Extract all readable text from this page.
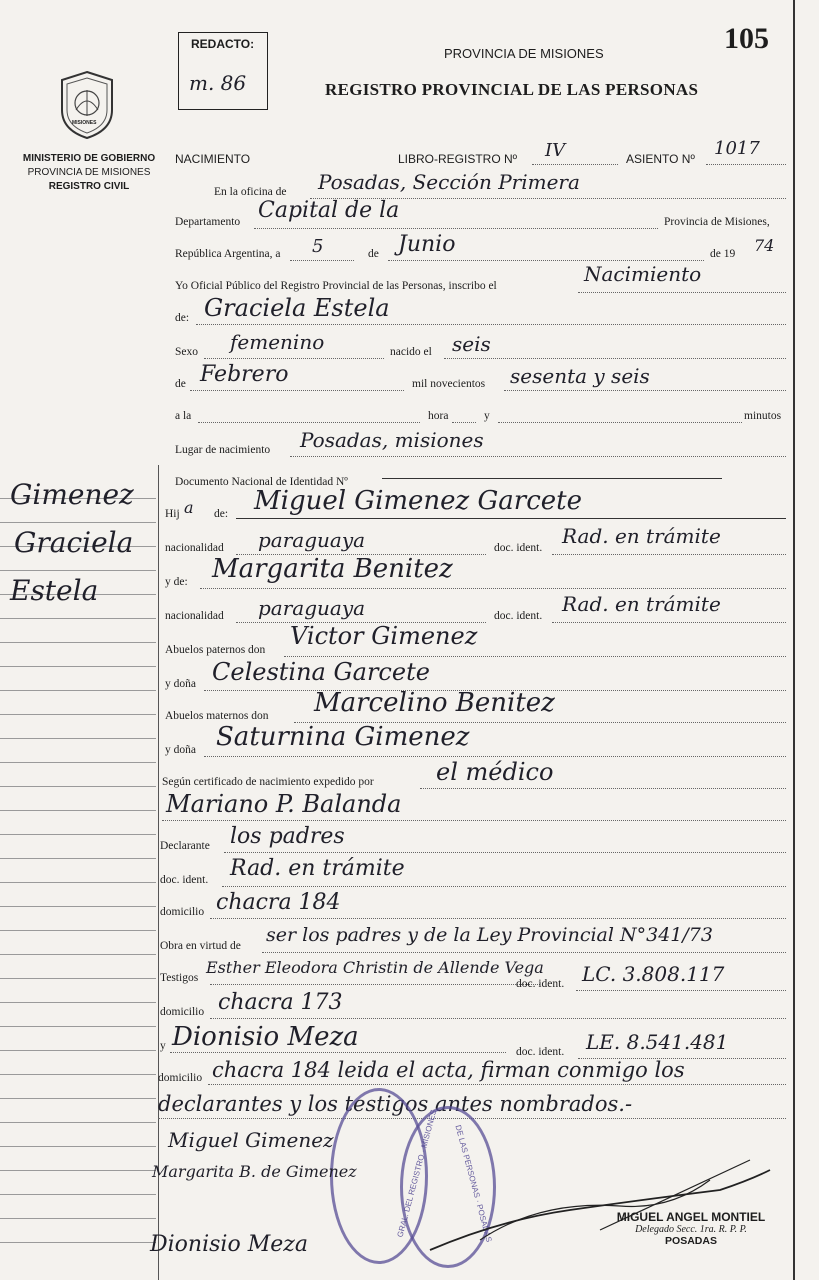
MISIONES
MINISTERIO DE GOBIERNO
PROVINCIA DE MISIONES
REGISTRO CIVIL
REDACTO:
m. 86
105
PROVINCIA DE MISIONES
REGISTRO PROVINCIAL DE LAS PERSONAS
NACIMIENTO	LIBRO-REGISTRO Nº IV	ASIENTO Nº 1017
En la oficina de Posadas, Sección Primera
Departamento Capital de la	Provincia de Misiones,
República Argentina, a 5	de Junio	de 19 74
Yo Oficial Público del Registro Provincial de las Personas, inscribo el	Nacimiento
de: Graciela Estela
Sexo femenino	nacido el seis
de Febrero	mil novecientos sesenta y seis
a la	hora	y	minutos
Lugar de nacimiento Posadas, misiones
Documento Nacional de Identidad Nº
Gimenez
Graciela
Estela
Hij a de: Miguel Gimenez Garcete
nacionalidad paraguaya	doc. ident. Rad. en trámite
y de: Margarita Benitez
nacionalidad paraguaya	doc. ident. Rad. en trámite
Abuelos paternos don Victor Gimenez
y doña Celestina Garcete
Abuelos maternos don Marcelino Benitez
y doña Saturnina Gimenez
Según certificado de nacimiento expedido por	el médico
Mariano P. Balanda
Declarante los padres
doc. ident. Rad. en trámite
domicilio chacra 184
Obra en virtud de ser los padres y de la Ley Provincial N°341/73
Testigos
Esther Eleodora Christin de Allende Vega
doc. ident. LC. 3.808.117
domicilio chacra 173
y Dionisio Meza	doc. ident. LE. 8.541.481
domicilio chacra 184 leida el acta, firman conmigo los
declarantes y los testigos antes nombrados.-
GRAL. DEL REGISTRO · MISIONES DE LAS PERSONAS · POSADAS
Miguel Gimenez
Margarita B. de Gimenez
Dionisio Meza
MIGUEL ANGEL MONTIEL
Delegado Secc. 1ra. R. P. P.
POSADAS
